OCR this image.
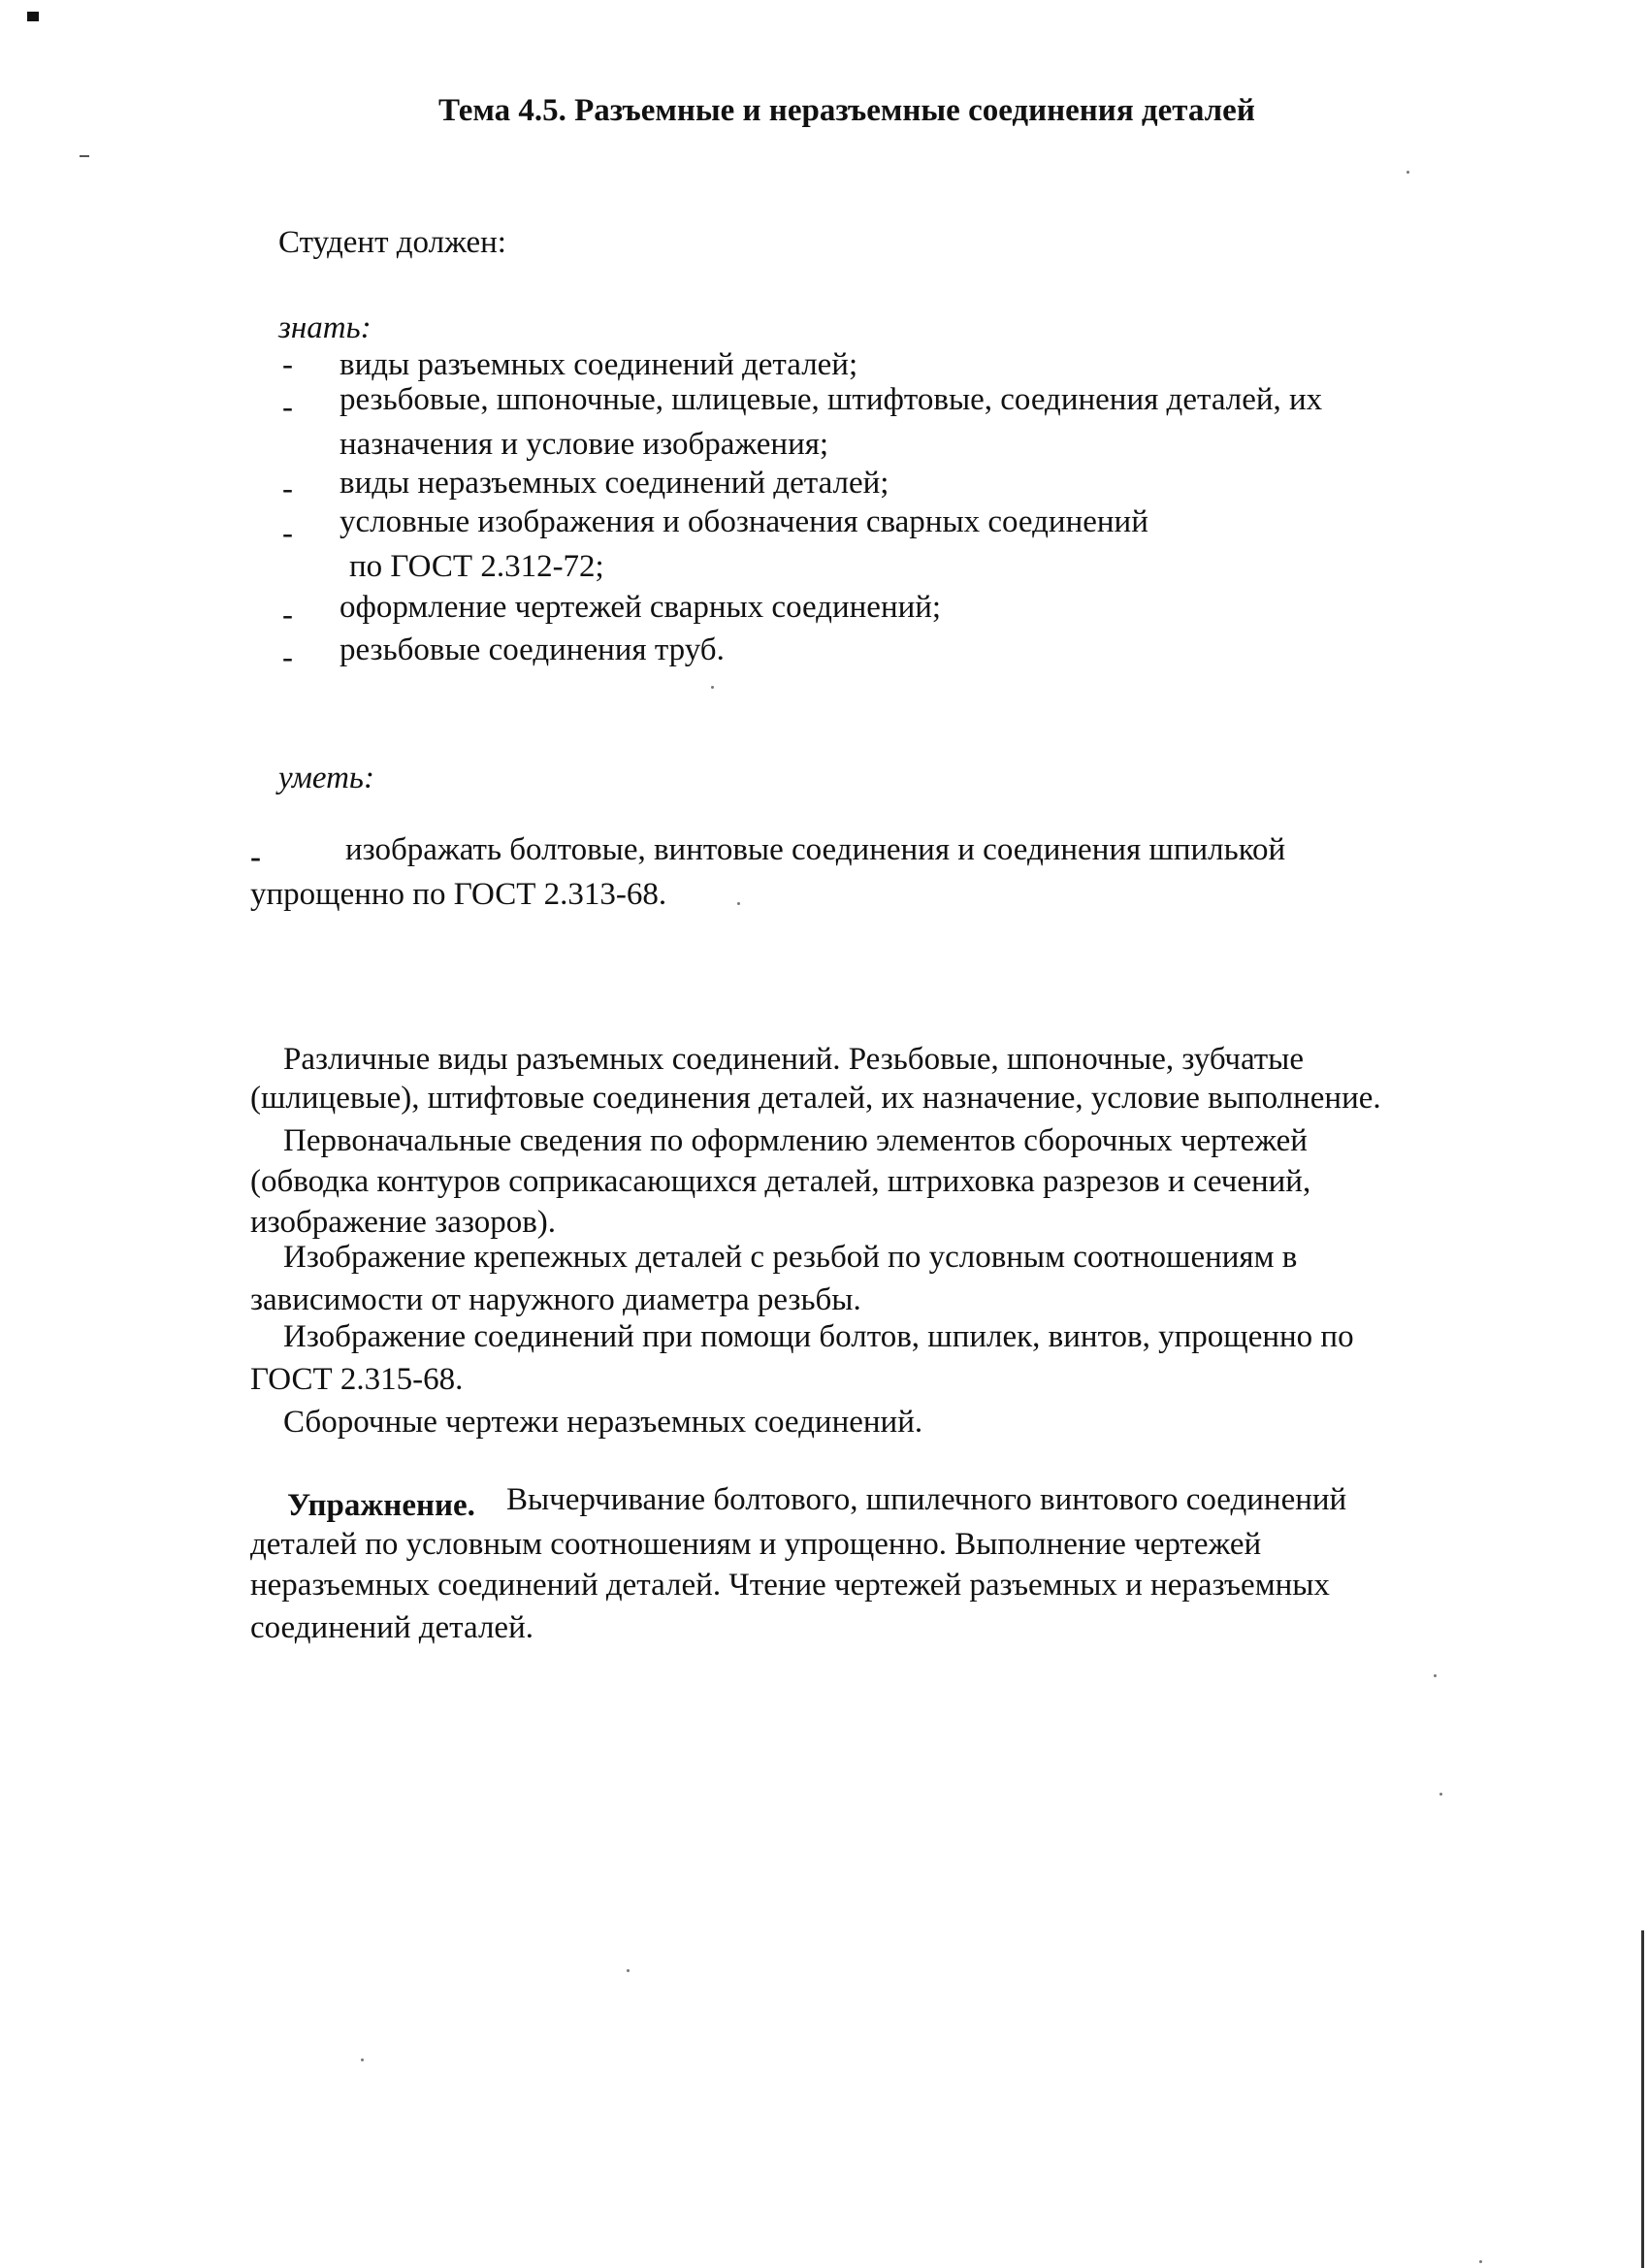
Тема 4.5. Разъемные и неразъемные соединения деталей
Студент должен:
знать:
- виды разъемных соединений деталей;
- резьбовые, шпоночные, шлицевые, штифтовые, соединения деталей, их
назначения и условие изображения;
- виды неразъемных соединений деталей;
- условные изображения и обозначения сварных соединений
по ГОСТ 2.312-72;
- оформление чертежей сварных соединений;
- резьбовые соединения труб.
уметь:
-	изображать болтовые, винтовые соединения и соединения шпилькой
упрощенно по ГОСТ 2.313-68.
Различные виды разъемных соединений. Резьбовые, шпоночные, зубчатые
(шлицевые), штифтовые соединения деталей, их назначение, условие выполнение.
Первоначальные сведения по оформлению элементов сборочных чертежей
(обводка контуров соприкасающихся деталей, штриховка разрезов и сечений,
изображение зазоров).
Изображение крепежных деталей с резьбой по условным соотношениям в
зависимости от наружного диаметра резьбы.
Изображение соединений при помощи болтов, шпилек, винтов, упрощенно по
ГОСТ 2.315-68.
Сборочные чертежи неразъемных соединений.
Упражнение. Вычерчивание болтового, шпилечного винтового соединений
деталей по условным соотношениям и упрощенно. Выполнение чертежей
неразъемных соединений деталей. Чтение чертежей разъемных и неразъемных
соединений деталей.
